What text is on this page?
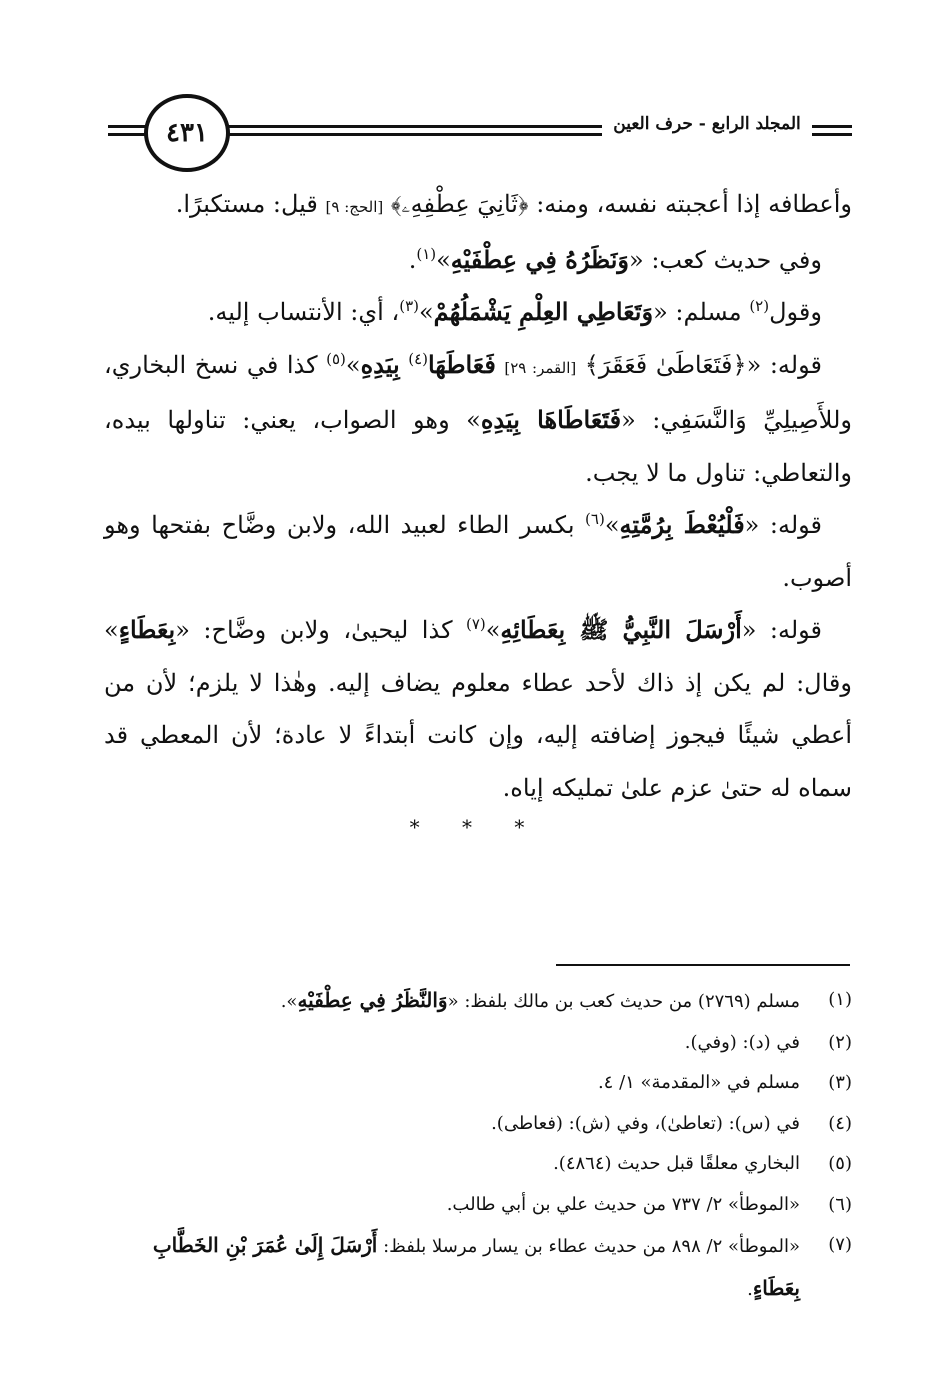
٤٣١	المجلد الرابع - حرف العين

وأعطافه إذا أعجبته نفسه، ومنه: ﴿ثَانِيَ عِطْفِهِۦ﴾ [الحج: ٩] قيل: مستكبرًا.

وفي حديث كعب: «وَنَظَرُهُ فِي عِطْفَيْهِ»$^{(١)}$.

وقول$^{(٢)}$ مسلم: «وَتَعَاطِي العِلْمِ يَشْمَلُهُمْ»$^{(٣)}$، أي: الأنتساب إليه.

قوله: «﴿فَتَعَاطَىٰ فَعَقَرَ﴾ [القمر: ٢٩] فَعَاطَهَا$^{(٤)}$ بِيَدِهِ»$^{(٥)}$ كذا في نسخ البخاري، وللأَصِيلِيِّ وَالنَّسَفِي: «فَتَعَاطَاهَا بِيَدِهِ» وهو الصواب، يعني: تناولها بيده، والتعاطي: تناول ما لا يجب.

قوله: «فَلْيُعْطَ بِرُمَّتِهِ»$^{(٦)}$ بكسر الطاء لعبيد الله، ولابن وضَّاح بفتحها وهو أصوب.

قوله: «أَرْسَلَ النَّبِيُّ ﷺ بِعَطَائِهِ»$^{(٧)}$ كذا ليحيىٰ، ولابن وضَّاح: «بِعَطَاءٍ» وقال: لم يكن إذ ذاك لأحد عطاء معلوم يضاف إليه. وهٰذا لا يلزم؛ لأن من أعطي شيئًا فيجوز إضافته إليه، وإن كانت أبتداءً لا عادة؛ لأن المعطي قد سماه له حتىٰ عزم علىٰ تمليكه إياه.

* * *
(١)
مسلم (٢٧٦٩) من حديث كعب بن مالك بلفظ: «وَالنَّظَرُ فِي عِطْفَيْهِ».
(٢)
في (د): (وفي).
(٣)
مسلم في «المقدمة» ١/ ٤.
(٤)
في (س): (تعاطىٰ)، وفي (ش): (فعاطى).
(٥)
البخاري معلقًا قبل حديث (٤٨٦٤).
(٦)
«الموطأ» ٢/ ٧٣٧ من حديث علي بن أبي طالب.
(٧)
«الموطأ» ٢/ ٨٩٨ من حديث عطاء بن يسار مرسلا بلفظ: أَرْسَلَ إِلَىٰ عُمَرَ بْنِ الخَطَّابِ بِعَطَاءٍ.
